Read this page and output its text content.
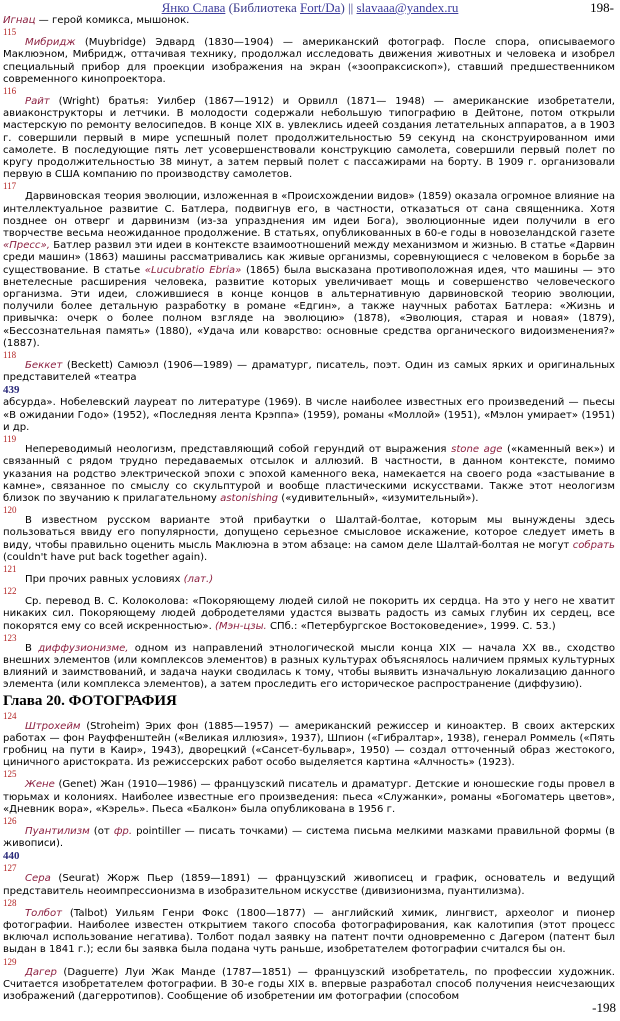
Янко Слава (Библиотека Fort/Da) || slavaaa@yandex.ru	198-

Игнац — герой комикса, мышонок.

115

Мибридж (Muybridge) Эдвард (1830—1904) — американский фотограф. После спора, описываемого Маклюэном, Мибридж, оттачивая технику, продолжал исследовать движения животных и человека и изобрел специальный прибор для проекции изображения на экран («зоопраксископ»), ставший предшественником современного кинопроектора.

116

Райт (Wright) братья: Уилбер (1867—1912) и Орвилл (1871— 1948) — американские изобретатели, авиаконструкторы и летчики. В молодости содержали небольшую типографию в Дейтоне, потом открыли мастерскую по ремонту велосипедов. В конце XIX в. увлеклись идеей создания летательных аппаратов, а в 1903 г. совершили первый в мире успешный полет продолжительностью 59 секунд на сконструированном ими самолете. В последующие пять лет усовершенствовали конструкцию самолета, совершили первый полет по кругу продолжительностью 38 минут, а затем первый полет с пассажирами на борту. В 1909 г. организовали первую в США компанию по производству самолетов.

117

Дарвиновская теория эволюции, изложенная в «Происхождении видов» (1859) оказала огромное влияние на интеллектуальное развитие С. Батлера, подвигнув его, в частности, отказаться от сана священника. Хотя позднее он отверг и дарвинизм (из-за упразднения им идеи Бога), эволюционные идеи получили в его творчестве весьма неожиданное продолжение. В статьях, опубликованных в 60-е годы в новозеландской газете «Пресс», Батлер развил эти идеи в контексте взаимоотношений между механизмом и жизнью. В статье «Дарвин среди машин» (1863) машины рассматривались как живые организмы, соревнующиеся с человеком в борьбе за существование. В статье «Lucubratio Ebria» (1865) была высказана противоположная идея, что машины — это внетелесные расширения человека, развитие которых увеличивает мощь и совершенство человеческого организма. Эти идеи, сложившиеся в конце концов в альтернативную дарвиновской теорию эволюции, получили более детальную разработку в романе «Едгин», а также научных работах Батлера: «Жизнь и привычка: очерк о более полном взгляде на эволюцию» (1878), «Эволюция, старая и новая» (1879), «Бессознательная память» (1880), «Удача или коварство: основные средства органического видоизменения?» (1887).

118

Беккет (Beckett) Самюэл (1906—1989) — драматург, писатель, поэт. Один из самых ярких и оригинальных представителей «театра

439

абсурда». Нобелевский лауреат по литературе (1969). В числе наиболее известных его произведений — пьесы «В ожидании Годо» (1952), «Последняя лента Крэппа» (1959), романы «Моллой» (1951), «Мэлон умирает» (1951) и др.

119

Непереводимый неологизм, представляющий собой герундий от выражения stone age («каменный век») и связанный с рядом трудно передаваемых отсылок и аллюзий. В частности, в данном контексте, помимо указания на родство электрической эпохи с эпохой каменного века, намекается на своего рода «застывание в камне», связанное по смыслу со скульптурой и вообще пластическими искусствами. Также этот неологизм близок по звучанию к прилагательному astonishing («удивительный», «изумительный»).

120

В известном русском варианте этой прибаутки о Шалтай-болтае, которым мы вынуждены здесь пользоваться ввиду его популярности, допущено серьезное смысловое искажение, которое следует иметь в виду, чтобы правильно оценить мысль Маклюэна в этом абзаце: на самом деле Шалтай-болтая не могут собрать (couldn't have put back together again).

121

При прочих равных условиях (лат.)

122

Ср. перевод В. С. Колоколова: «Покоряющему людей силой не покорить их сердца. На это у него не хватит никаких сил. Покоряющему людей добродетелями удастся вызвать радость из самых глубин их сердец, все покорятся ему со всей искренностью». (Мэн-цзы. СПб.: «Петербургское Востоковедение», 1999. С. 53.)

123

В диффузионизме, одном из направлений этнологической мысли конца XIX — начала XX вв., сходство внешних элементов (или комплексов элементов) в разных культурах объяснялось наличием прямых культурных влияний и заимствований, и задача науки сводилась к тому, чтобы выявить изначальную локализацию данного элемента (или комплекса элементов), а затем проследить его историческое распространение (диффузию).

Глава 20. ФОТОГРАФИЯ
124

Штрохейм (Stroheim) Эрих фон (1885—1957) — американский режиссер и киноактер. В своих актерских работах — фон Рауффенштейн («Великая иллюзия», 1937), Шпион («Гибралтар», 1938), генерал Роммель («Пять гробниц на пути в Каир», 1943), дворецкий («Сансет-бульвар», 1950) — создал отточенный образ жестокого, циничного аристократа. Из режиссерских работ особо выделяется картина «Алчность» (1923).

125

Жене (Genet) Жан (1910—1986) — французский писатель и драматург. Детские и юношеские годы провел в тюрьмах и колониях. Наиболее известные его произведения: пьеса «Служанки», романы «Богоматерь цветов», «Дневник вора», «Кэрель». Пьеса «Балкон» была опубликована в 1956 г.

126

Пуантилизм (от фр. pointiller — писать точками) — система письма мелкими мазками правильной формы (в живописи).

440
127

Сера (Seurat) Жорж Пьер (1859—1891) — французский живописец и график, основатель и ведущий представитель неоимпрессионизма в изобразительном искусстве (дивизионизма, пуантилизма).

128

Толбот (Talbot) Уильям Генри Фокс (1800—1877) — английский химик, лингвист, археолог и пионер фотографии. Наиболее известен открытием такого способа фотографирования, как калотипия (этот процесс включал использование негатива). Толбот подал заявку на патент почти одновременно с Дагером (патент был выдан в 1841 г.); если бы заявка была подана чуть раньше, изобретателем фотографии считался бы он.

129

Дагер (Daguerre) Луи Жак Манде (1787—1851) — французский изобретатель, по профессии художник. Считается изобретателем фотографии. В 30-е годы XIX в. впервые разработал способ получения неисчезающих изображений (дагерротипов). Сообщение об изобретении им фотографии (способом

-198
